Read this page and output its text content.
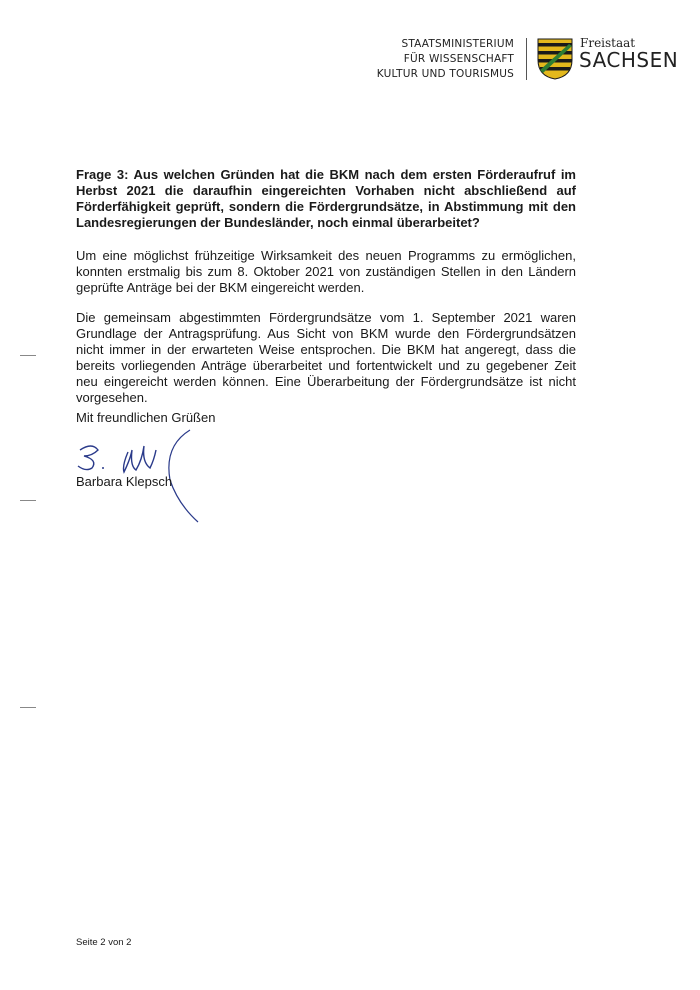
STAATSMINISTERIUM
FÜR WISSENSCHAFT
KULTUR UND TOURISMUS
Freistaat
SACHSEN
Frage 3: Aus welchen Gründen hat die BKM nach dem ersten Förderaufruf im Herbst 2021 die daraufhin eingereichten Vorhaben nicht abschließend auf Förderfähigkeit geprüft, sondern die Fördergrundsätze, in Abstimmung mit den Landesregierungen der Bundesländer, noch einmal überarbeitet?
Um eine möglichst frühzeitige Wirksamkeit des neuen Programms zu ermöglichen, konnten erstmalig bis zum 8. Oktober 2021 von zuständigen Stellen in den Ländern geprüfte Anträge bei der BKM eingereicht werden.
Die gemeinsam abgestimmten Fördergrundsätze vom 1. September 2021 waren Grundlage der Antragsprüfung. Aus Sicht von BKM wurde den Fördergrundsätzen nicht immer in der erwarteten Weise entsprochen. Die BKM hat angeregt, dass die bereits vorliegenden Anträge überarbeitet und fortentwickelt und zu gegebener Zeit neu eingereicht werden können. Eine Überarbeitung der Fördergrundsätze ist nicht vorgesehen.
Mit freundlichen Grüßen
Barbara Klepsch
Seite 2 von 2
